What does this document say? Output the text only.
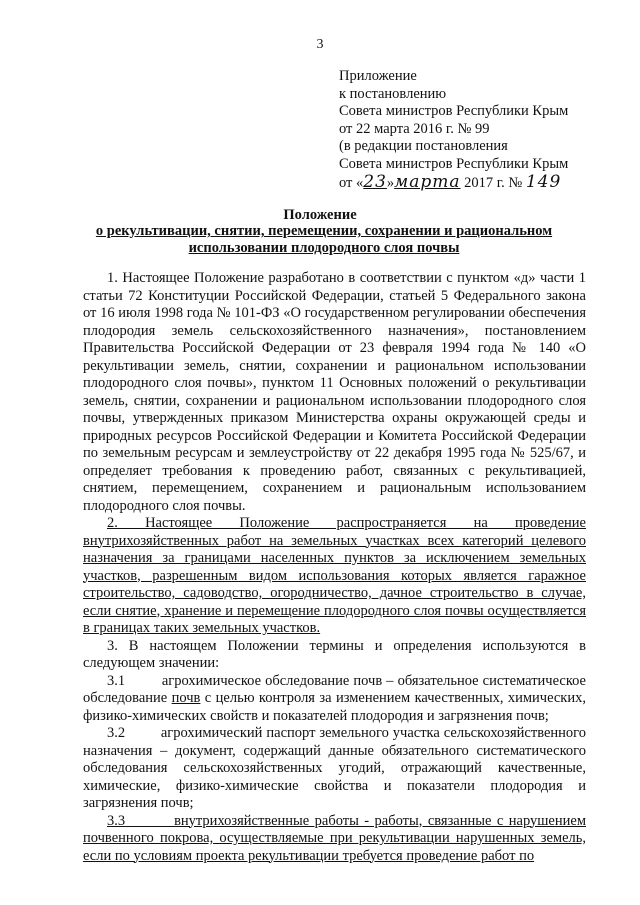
3
Приложение
к постановлению
Совета министров Республики Крым
от 22 марта 2016 г. № 99
(в редакции постановления
Совета министров Республики Крым
от «23»марта 2017 г. № 149
Положение
о рекультивации, снятии, перемещении, сохранении и рациональном использовании плодородного слоя почвы

1. Настоящее Положение разработано в соответствии с пунктом «д» части 1 статьи 72 Конституции Российской Федерации, статьей 5 Федерального закона от 16 июля 1998 года № 101-ФЗ «О государственном регулировании обеспечения плодородия земель сельскохозяйственного назначения», постановлением Правительства Российской Федерации от 23 февраля 1994 года № 140 «О рекультивации земель, снятии, сохранении и рациональном использовании плодородного слоя почвы», пунктом 11 Основных положений о рекультивации земель, снятии, сохранении и рациональном использовании плодородного слоя почвы, утвержденных приказом Министерства охраны окружающей среды и природных ресурсов Российской Федерации и Комитета Российской Федерации по земельным ресурсам и землеустройству от 22 декабря 1995 года № 525/67, и определяет требования к проведению работ, связанных с рекультивацией, снятием, перемещением, сохранением и рациональным использованием плодородного слоя почвы.

2. Настоящее Положение распространяется на проведение внутрихозяйственных работ на земельных участках всех категорий целевого назначения за границами населенных пунктов за исключением земельных участков, разрешенным видом использования которых является гаражное строительство, садоводство, огородничество, дачное строительство в случае, если снятие, хранение и перемещение плодородного слоя почвы осуществляется в границах таких земельных участков.

3. В настоящем Положении термины и определения используются в следующем значении:

3.1	агрохимическое обследование почв – обязательное систематическое обследование почв с целью контроля за изменением качественных, химических, физико-химических свойств и показателей плодородия и загрязнения почв;

3.2 агрохимический паспорт земельного участка сельскохозяйственного назначения – документ, содержащий данные обязательного систематического обследования сельскохозяйственных угодий, отражающий качественные, химические, физико-химические свойства и показатели плодородия и загрязнения почв;

3.3	внутрихозяйственные работы - работы, связанные с нарушением почвенного покрова, осуществляемые при рекультивации нарушенных земель, если по условиям проекта рекультивации требуется проведение работ по
